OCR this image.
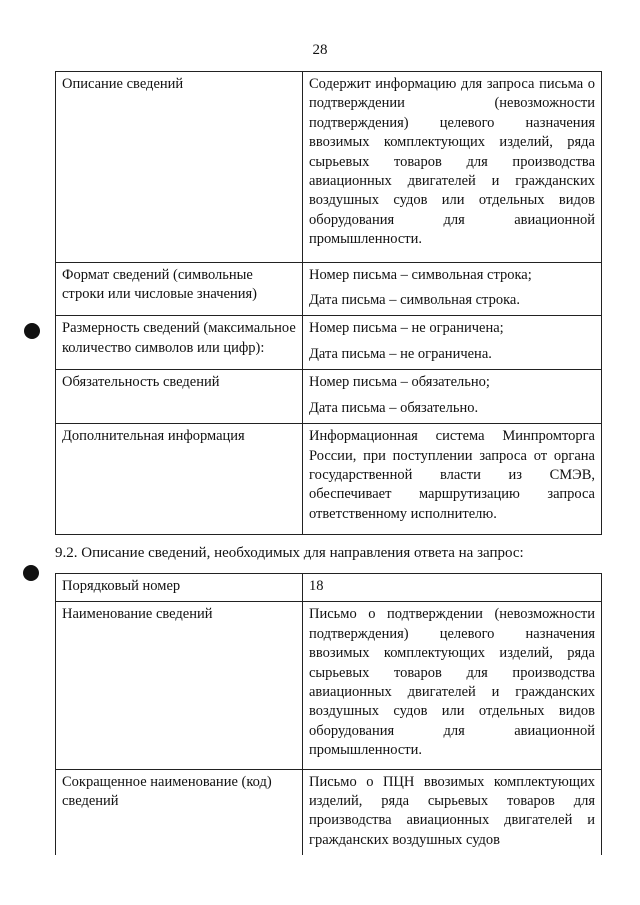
28
Описание сведений	Содержит информацию для запроса письма о подтверждении (невозможности подтверждения) целевого назначения ввозимых комплектующих изделий, ряда сырьевых товаров для производства авиационных двигателей и гражданских воздушных судов или отдельных видов оборудования для авиационной промышленности.

Формат сведений (символьные строки или числовые значения)	Номер письма – символьная строка;

Дата письма – символьная строка.

Размерность сведений (максимальное количество символов или цифр):	Номер письма – не ограничена;

Дата письма – не ограничена.

Обязательность сведений	Номер письма – обязательно;

Дата письма – обязательно.

Дополнительная информация	Информационная система Минпромторга России, при поступлении запроса от органа государственной власти из СМЭВ, обеспечивает маршрутизацию запроса ответственному исполнителю.

9.2. Описание сведений, необходимых для направления ответа на запрос:
Порядковый номер	18

Наименование сведений	Письмо о подтверждении (невозможности подтверждения) целевого назначения ввозимых комплектующих изделий, ряда сырьевых товаров для производства авиационных двигателей и гражданских воздушных судов или отдельных видов оборудования для авиационной промышленности.

Сокращенное наименование (код) сведений	Письмо о ПЦН ввозимых комплектующих изделий, ряда сырьевых товаров для производства авиационных двигателей и гражданских воздушных судов
